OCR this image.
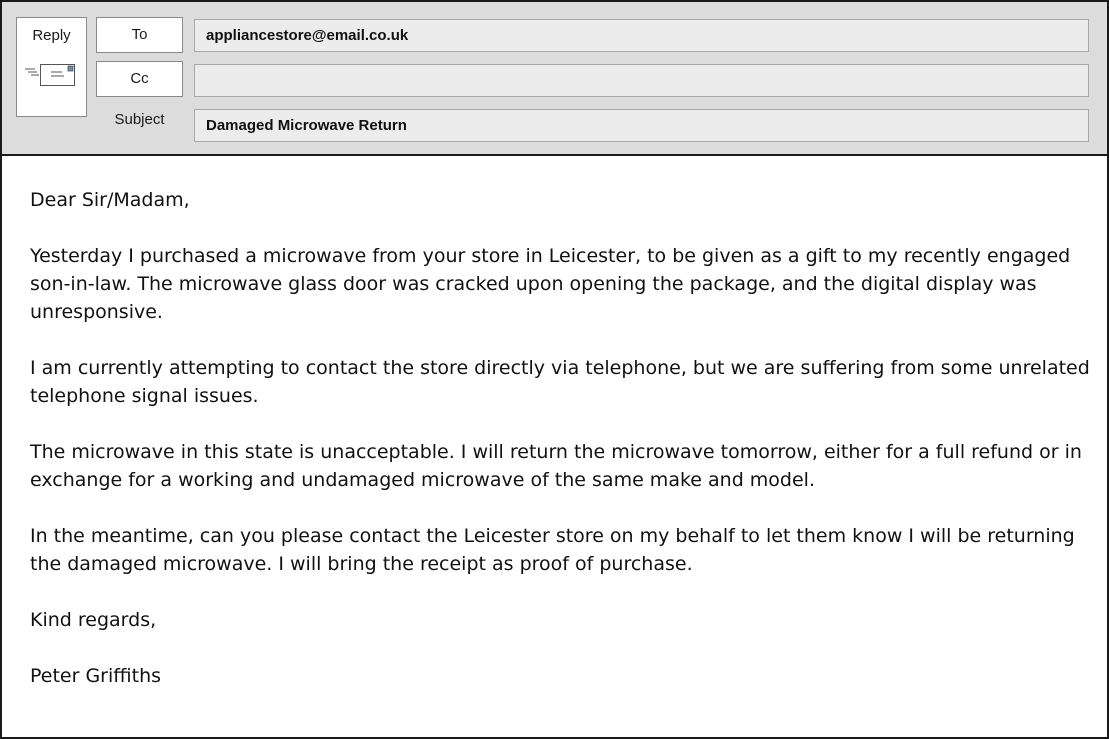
Reply	To
Cc
Subject
appliancestore@email.co.uk
Damaged Microwave Return

Dear Sir/Madam,

Yesterday I purchased a microwave from your store in Leicester, to be given as a gift to my recently engaged son-in-law. The microwave glass door was cracked upon opening the package, and the digital display was unresponsive.

I am currently attempting to contact the store directly via telephone, but we are suffering from some unrelated telephone signal issues.

The microwave in this state is unacceptable. I will return the microwave tomorrow, either for a full refund or in exchange for a working and undamaged microwave of the same make and model.

In the meantime, can you please contact the Leicester store on my behalf to let them know I will be returning the damaged microwave. I will bring the receipt as proof of purchase.

Kind regards,

Peter Griffiths
